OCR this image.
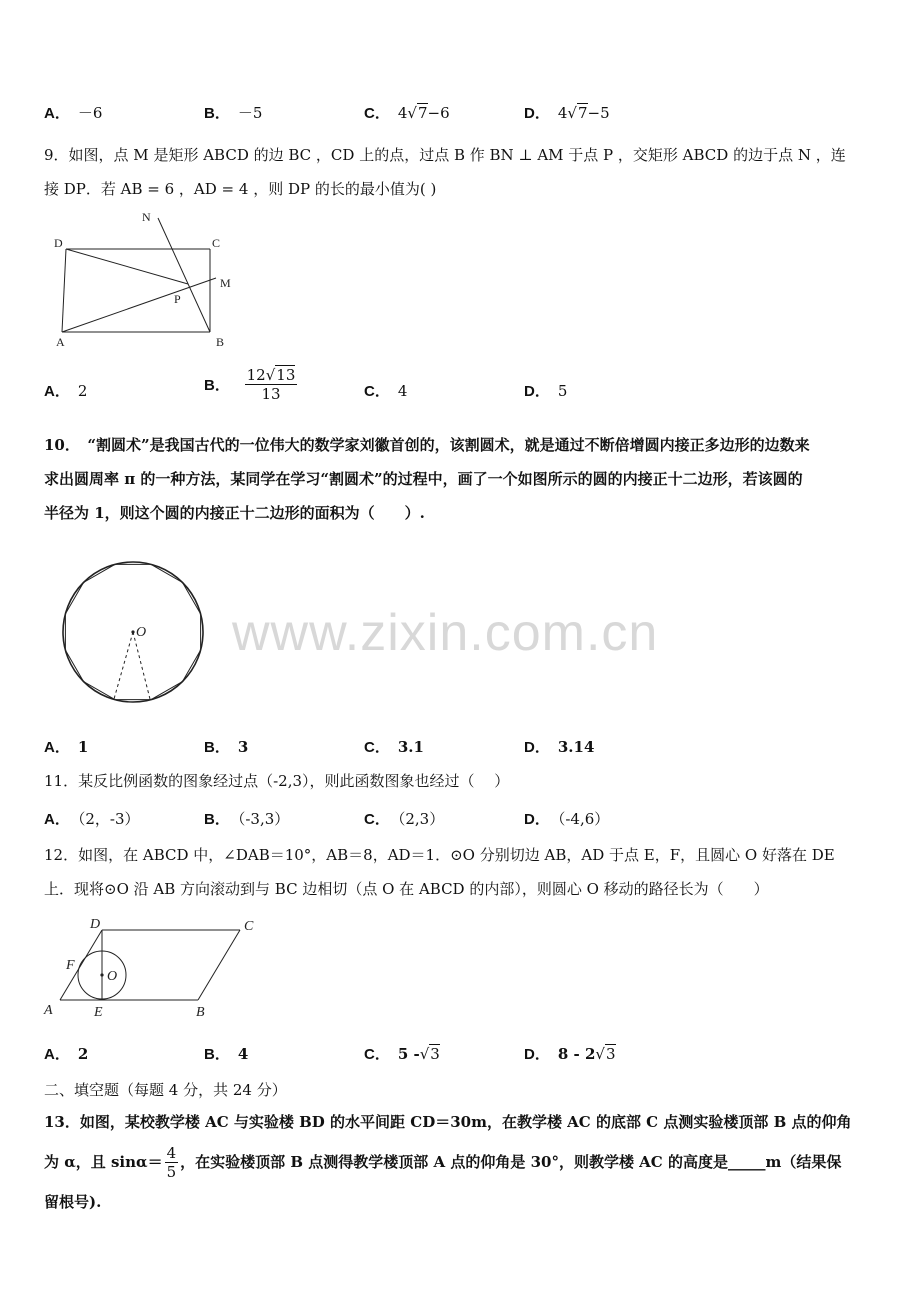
A． －6	B． －5	C． 4√7−6	D． 4√7−5
9．如图，点 M 是矩形 ABCD 的边 BC ，CD 上的点，过点 B 作 BN ⊥ AM 于点 P ，交矩形 ABCD 的边于点 N ，连
接 DP．若 AB = 6 ，AD = 4 ，则 DP 的长的最小值为( )
N
D	C
M
P
A	B
A． 2	B． $\frac{12√13}{13}$	C． 4	D． 5
10．　“割圆术”是我国古代的一位伟大的数学家刘徽首创的，该割圆术，就是通过不断倍增圆内接正多边形的边数来
求出圆周率 π 的一种方法，某同学在学习“割圆术”的过程中，画了一个如图所示的圆的内接正十二边形，若该圆的
半径为 1，则这个圆的内接正十二边形的面积为（　　）.
O www.zixin.com.cn
A． 1	B． 3	C． 3.1	D． 3.14
11．某反比例函数的图象经过点（-2,3），则此函数图象也经过（　 ）
A． （2，-3）	B． （-3,3）	C． （2,3）	D． （-4,6）
12．如图，在 ABCD 中，∠DAB＝10°，AB＝8，AD＝1．⊙O 分别切边 AB，AD 于点 E，F，且圆心 O 好落在 DE
上．现将⊙O 沿 AB 方向滚动到与 BC 边相切（点 O 在 ABCD 的内部），则圆心 O 移动的路径长为（　　）
D	C
F
O
A	E	B
A． 2	B． 4	C． 5 -√3	D． 8 - 2√3
二、填空题（每题 4 分，共 24 分）
13．如图，某校教学楼 AC 与实验楼 BD 的水平间距 CD＝30m，在教学楼 AC 的底部 C 点测实验楼顶部 B 点的仰角
为 α，且 $\sin\alpha= \frac{4}{5}$ ，在实验楼顶部 B 点测得教学楼顶部 A 点的仰角是 30°，则教学楼 AC 的高度是_____m（结果保
留根号).
